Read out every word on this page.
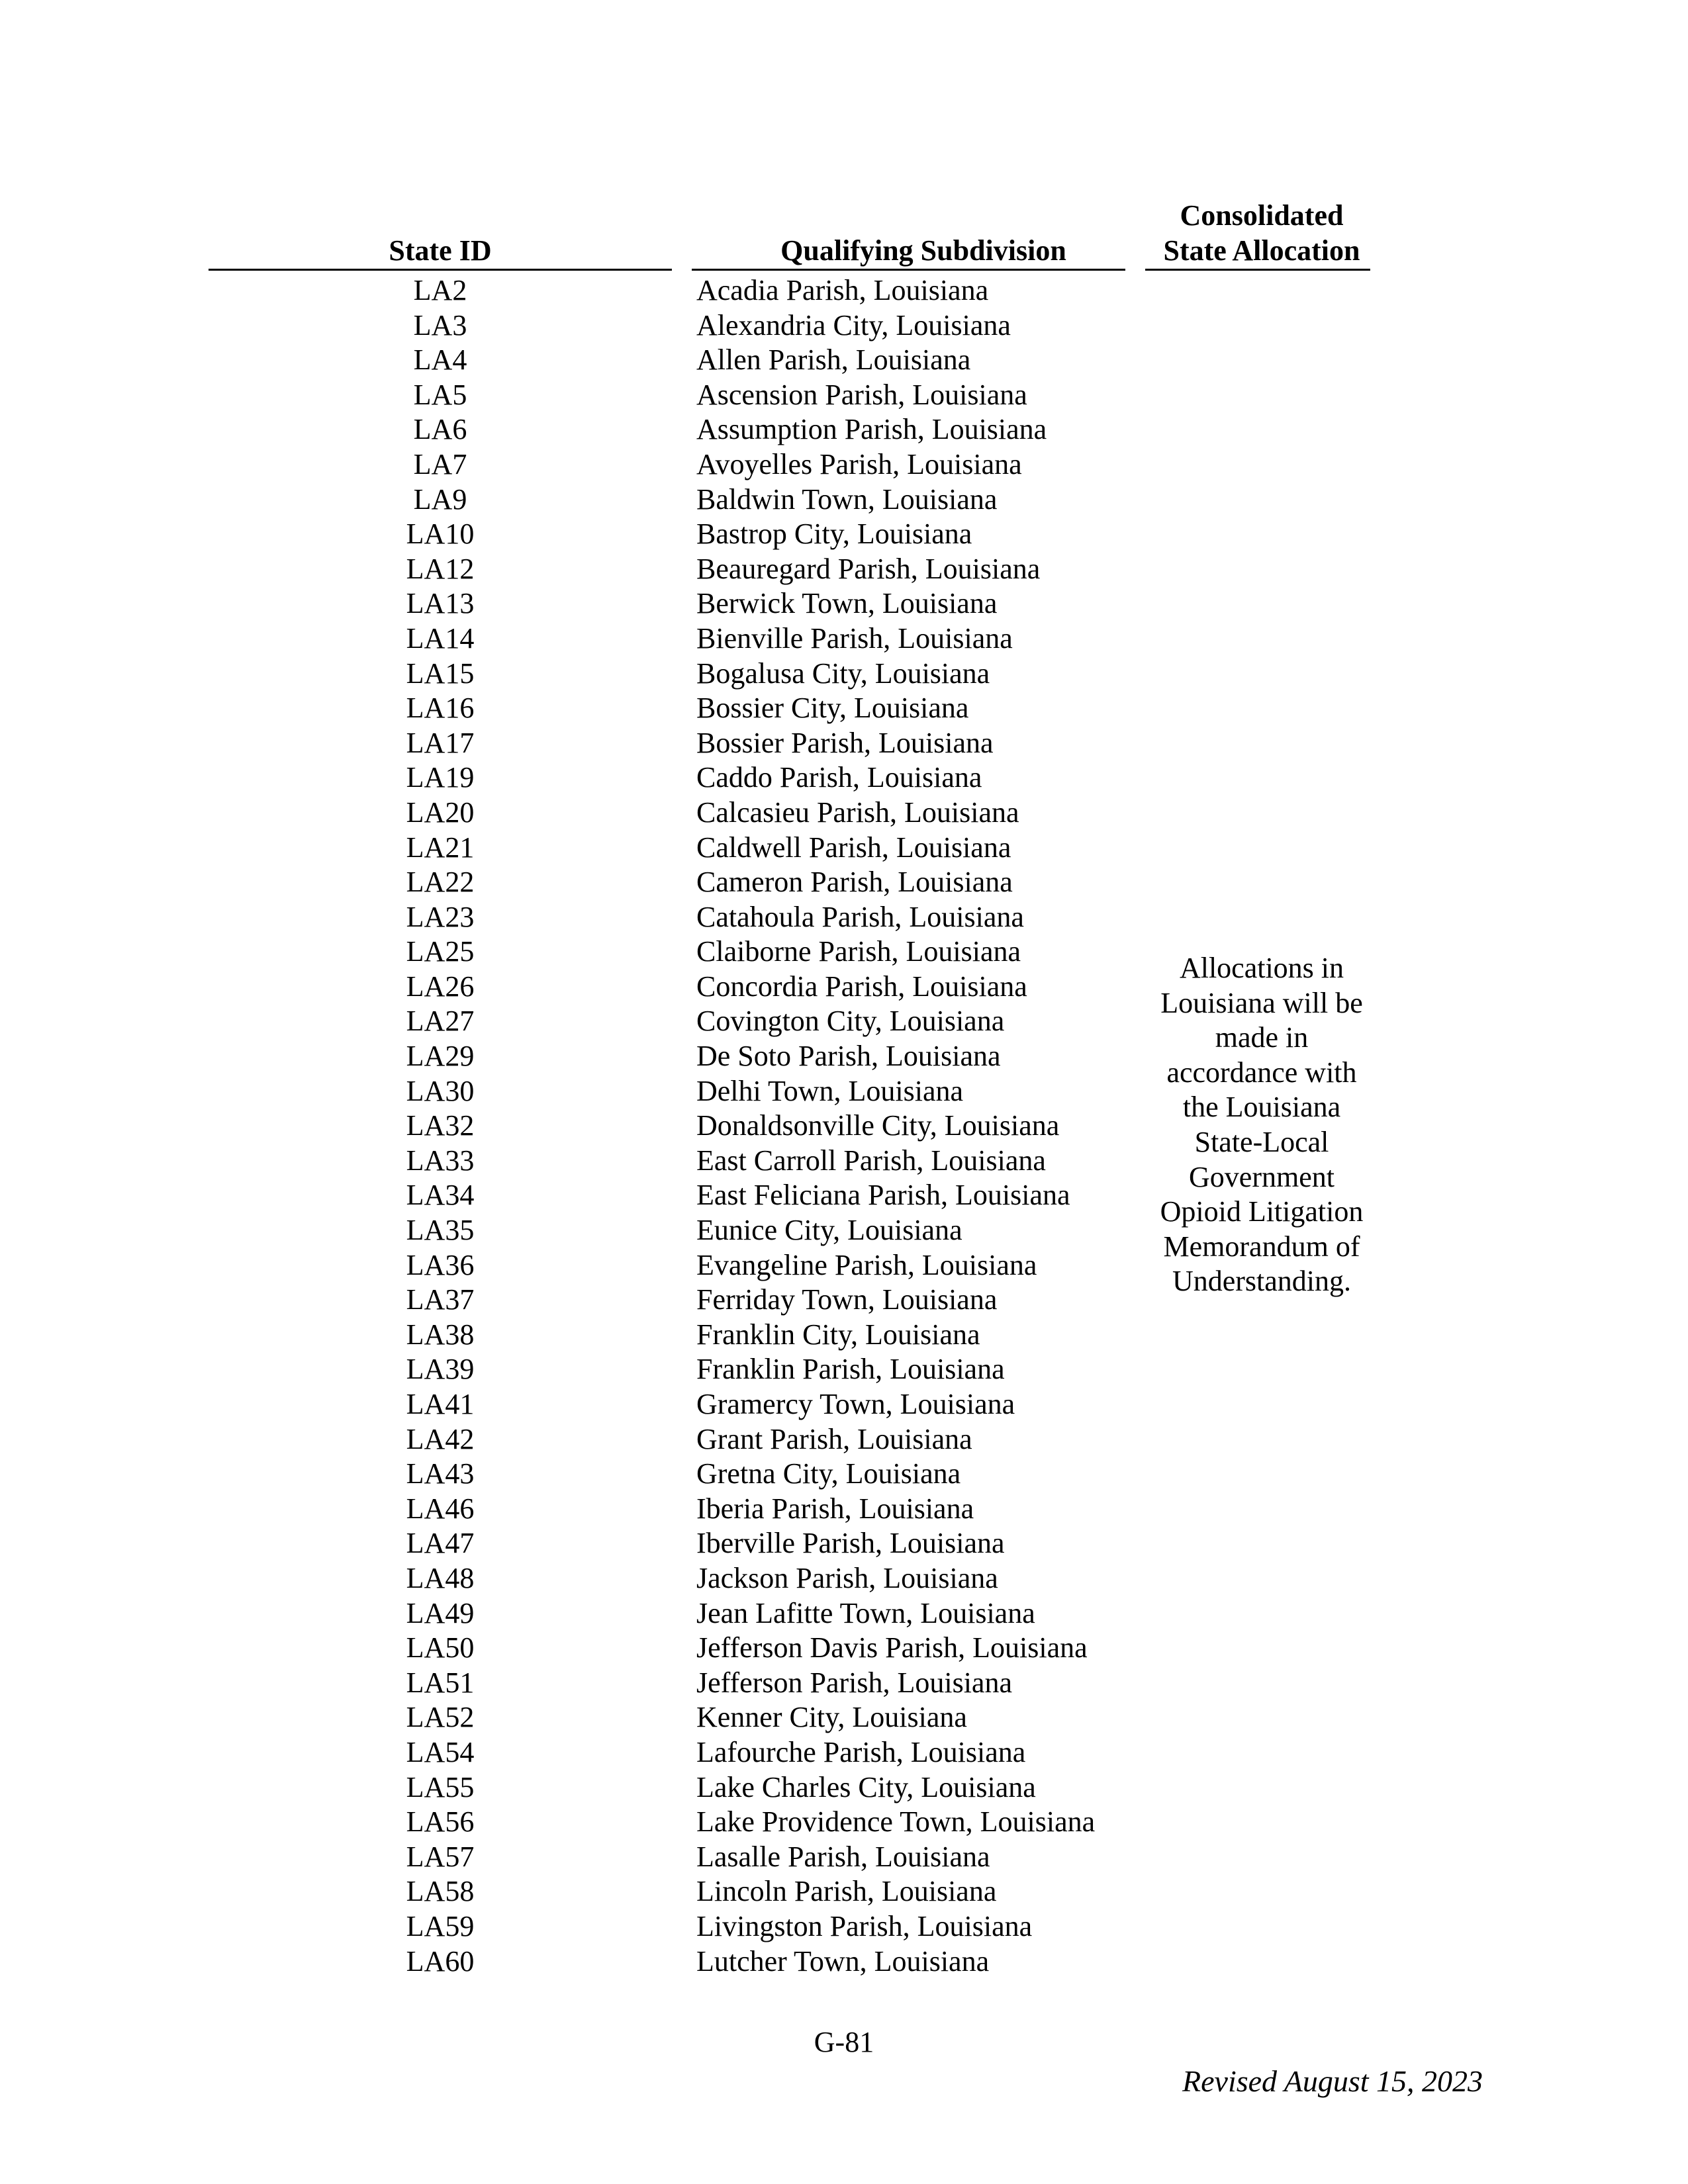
State ID	Qualifying Subdivision
Consolidated
State Allocation
LA2
LA3
LA4
LA5
LA6
LA7
LA9
LA10
LA12
LA13
LA14
LA15
LA16
LA17
LA19
LA20
LA21
LA22
LA23
LA25
LA26
LA27
LA29
LA30
LA32
LA33
LA34
LA35
LA36
LA37
LA38
LA39
LA41
LA42
LA43
LA46
LA47
LA48
LA49
LA50
LA51
LA52
LA54
LA55
LA56
LA57
LA58
LA59
LA60
Acadia Parish, Louisiana
Alexandria City, Louisiana
Allen Parish, Louisiana
Ascension Parish, Louisiana
Assumption Parish, Louisiana
Avoyelles Parish, Louisiana
Baldwin Town, Louisiana
Bastrop City, Louisiana
Beauregard Parish, Louisiana
Berwick Town, Louisiana
Bienville Parish, Louisiana
Bogalusa City, Louisiana
Bossier City, Louisiana
Bossier Parish, Louisiana
Caddo Parish, Louisiana
Calcasieu Parish, Louisiana
Caldwell Parish, Louisiana
Cameron Parish, Louisiana
Catahoula Parish, Louisiana
Claiborne Parish, Louisiana
Concordia Parish, Louisiana
Covington City, Louisiana
De Soto Parish, Louisiana
Delhi Town, Louisiana
Donaldsonville City, Louisiana
East Carroll Parish, Louisiana
East Feliciana Parish, Louisiana
Eunice City, Louisiana
Evangeline Parish, Louisiana
Ferriday Town, Louisiana
Franklin City, Louisiana
Franklin Parish, Louisiana
Gramercy Town, Louisiana
Grant Parish, Louisiana
Gretna City, Louisiana
Iberia Parish, Louisiana
Iberville Parish, Louisiana
Jackson Parish, Louisiana
Jean Lafitte Town, Louisiana
Jefferson Davis Parish, Louisiana
Jefferson Parish, Louisiana
Kenner City, Louisiana
Lafourche Parish, Louisiana
Lake Charles City, Louisiana
Lake Providence Town, Louisiana
Lasalle Parish, Louisiana
Lincoln Parish, Louisiana
Livingston Parish, Louisiana
Lutcher Town, Louisiana
Allocations in
Louisiana will be
made in
accordance with
the Louisiana
State-Local
Government
Opioid Litigation
Memorandum of
Understanding.
G-81
Revised August 15, 2023
